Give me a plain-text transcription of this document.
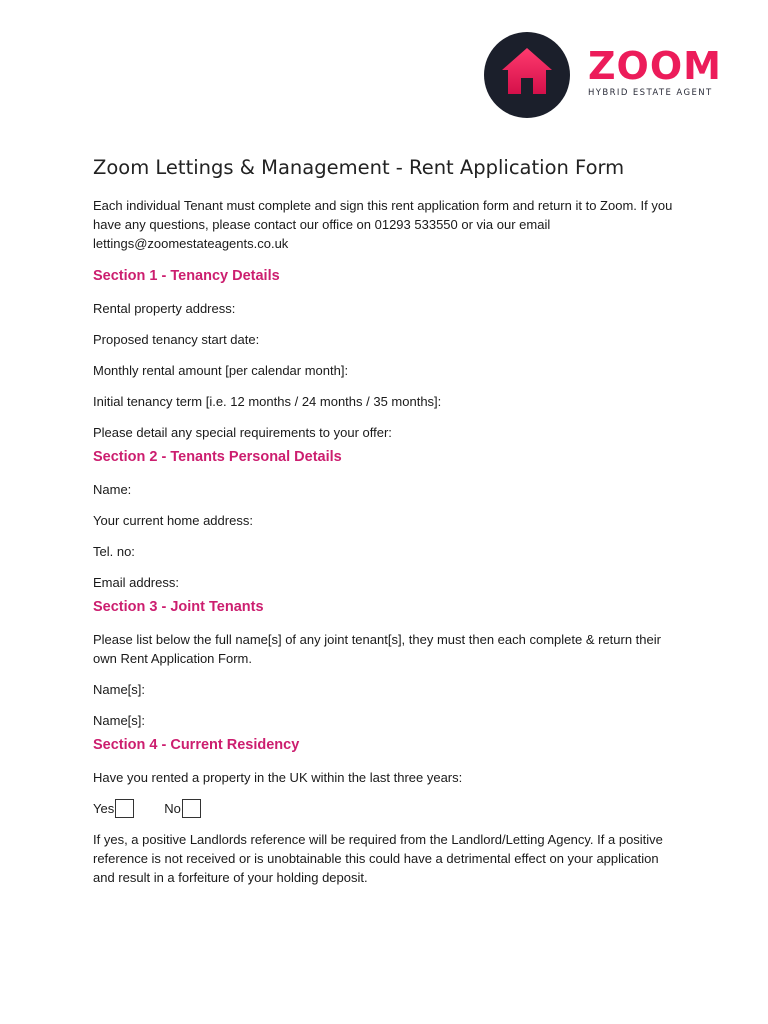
ZOOM
HYBRID ESTATE AGENT
Zoom Lettings & Management - Rent Application Form

Each individual Tenant must complete and sign this rent application form and return it to Zoom. If you have any questions, please contact our office on 01293 533550 or via our email lettings@zoomestateagents.co.uk

Section 1 - Tenancy Details
Rental property address:
Proposed tenancy start date:
Monthly rental amount [per calendar month]:
Initial tenancy term [i.e. 12 months / 24 months / 35 months]:
Please detail any special requirements to your offer:
Section 2 - Tenants Personal Details
Name:
Your current home address:
Tel. no:
Email address:
Section 3 - Joint Tenants

Please list below the full name[s] of any joint tenant[s], they must then each complete & return their own Rent Application Form.

Name[s]:
Name[s]:
Section 4 - Current Residency
Have you rented a property in the UK within the last three years:
Yes	No

If yes, a positive Landlords reference will be required from the Landlord/Letting Agency. If a positive reference is not received or is unobtainable this could have a detrimental effect on your application and result in a forfeiture of your holding deposit.
